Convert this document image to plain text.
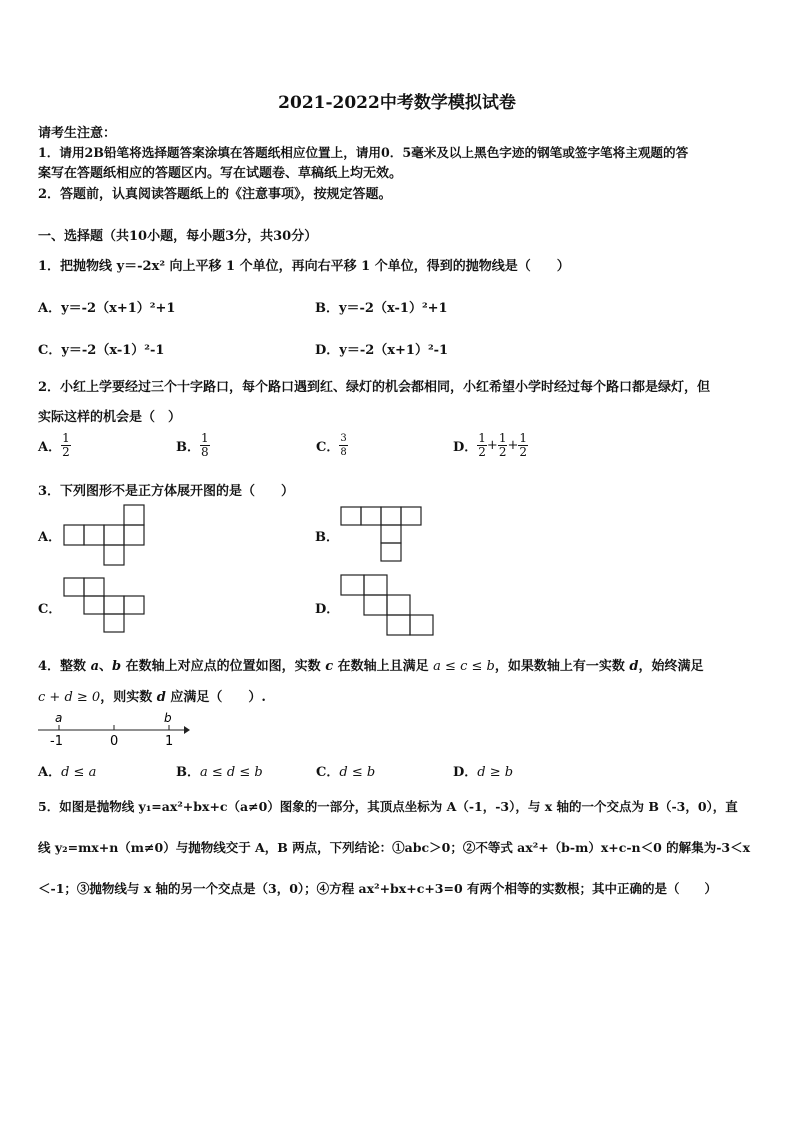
2021-2022中考数学模拟试卷
请考生注意：
1．请用2B铅笔将选择题答案涂填在答题纸相应位置上，请用0．5毫米及以上黑色字迹的钢笔或签字笔将主观题的答
案写在答题纸相应的答题区内。写在试题卷、草稿纸上均无效。
2．答题前，认真阅读答题纸上的《注意事项》，按规定答题。
一、选择题（共10小题，每小题3分，共30分）
1．把抛物线 y＝-2x² 向上平移 1 个单位，再向右平移 1 个单位，得到的抛物线是（　　）
A．y＝-2（x+1）²+1	B．y＝-2（x-1）²+1
C．y＝-2（x-1）²-1	D．y＝-2（x+1）²-1
2．小红上学要经过三个十字路口，每个路口遇到红、绿灯的机会都相同，小红希望小学时经过每个路口都是绿灯，但
实际这样的机会是（　）
A． $\frac{1}{2}$	B． $\frac{1}{8}$	C． $\frac{3}{8}$	D． $\frac{1}{2} + \frac{1}{2} + \frac{1}{2}$
3．下列图形不是正方体展开图的是（　　）
A．	B．
C．	D．
4．整数 a、b 在数轴上对应点的位置如图，实数 c 在数轴上且满足 a ≤ c ≤ b，如果数轴上有一实数 d，始终满足
c + d ≥ 0，则实数 d 应满足（　　）.
a	b
-1	0	1
A．d ≤ a	B．a ≤ d ≤ b	C．d ≤ b	D．d ≥ b
5．如图是抛物线 y₁=ax²+bx+c（a≠0）图象的一部分，其顶点坐标为 A（-1，-3），与 x 轴的一个交点为 B（-3，0），直
线 y₂=mx+n（m≠0）与抛物线交于 A，B 两点，下列结论：①abc＞0；②不等式 ax²+（b-m）x+c-n＜0 的解集为-3＜x
＜-1；③抛物线与 x 轴的另一个交点是（3，0）；④方程 ax²+bx+c+3=0 有两个相等的实数根；其中正确的是（　　）
